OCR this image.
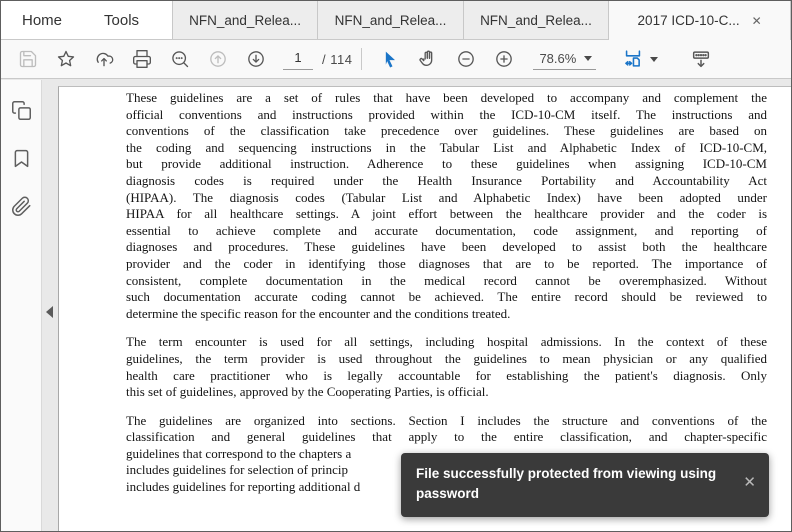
Home	Tools	NFN_and_Relea... NFN_and_Relea... NFN_and_Relea...	2017 ICD-10-C... ✕
1	/ 114	78.6%
These guidelines are a set of rules that have been developed to accompany and complement the
official conventions and instructions provided within the ICD-10-CM itself. The instructions and
conventions of the classification take precedence over guidelines. These guidelines are based on
the coding and sequencing instructions in the Tabular List and Alphabetic Index of ICD-10-CM,
but provide additional instruction. Adherence to these guidelines when assigning ICD-10-CM
diagnosis codes is required under the Health Insurance Portability and Accountability Act
(HIPAA). The diagnosis codes (Tabular List and Alphabetic Index) have been adopted under
HIPAA for all healthcare settings. A joint effort between the healthcare provider and the coder is
essential to achieve complete and accurate documentation, code assignment, and reporting of
diagnoses and procedures. These guidelines have been developed to assist both the healthcare
provider and the coder in identifying those diagnoses that are to be reported. The importance of
consistent, complete documentation in the medical record cannot be overemphasized. Without
such documentation accurate coding cannot be achieved. The entire record should be reviewed to
determine the specific reason for the encounter and the conditions treated.
The term encounter is used for all settings, including hospital admissions. In the context of these
guidelines, the term provider is used throughout the guidelines to mean physician or any qualified
health care practitioner who is legally accountable for establishing the patient's diagnosis. Only
this set of guidelines, approved by the Cooperating Parties, is official.
The guidelines are organized into sections. Section I includes the structure and conventions of the
classification and general guidelines that apply to the entire classification, and chapter-specific
guidelines that correspond to the chapters a
includes guidelines for selection of princip
includes guidelines for reporting additional d
File successfully protected from viewing using password
✕
